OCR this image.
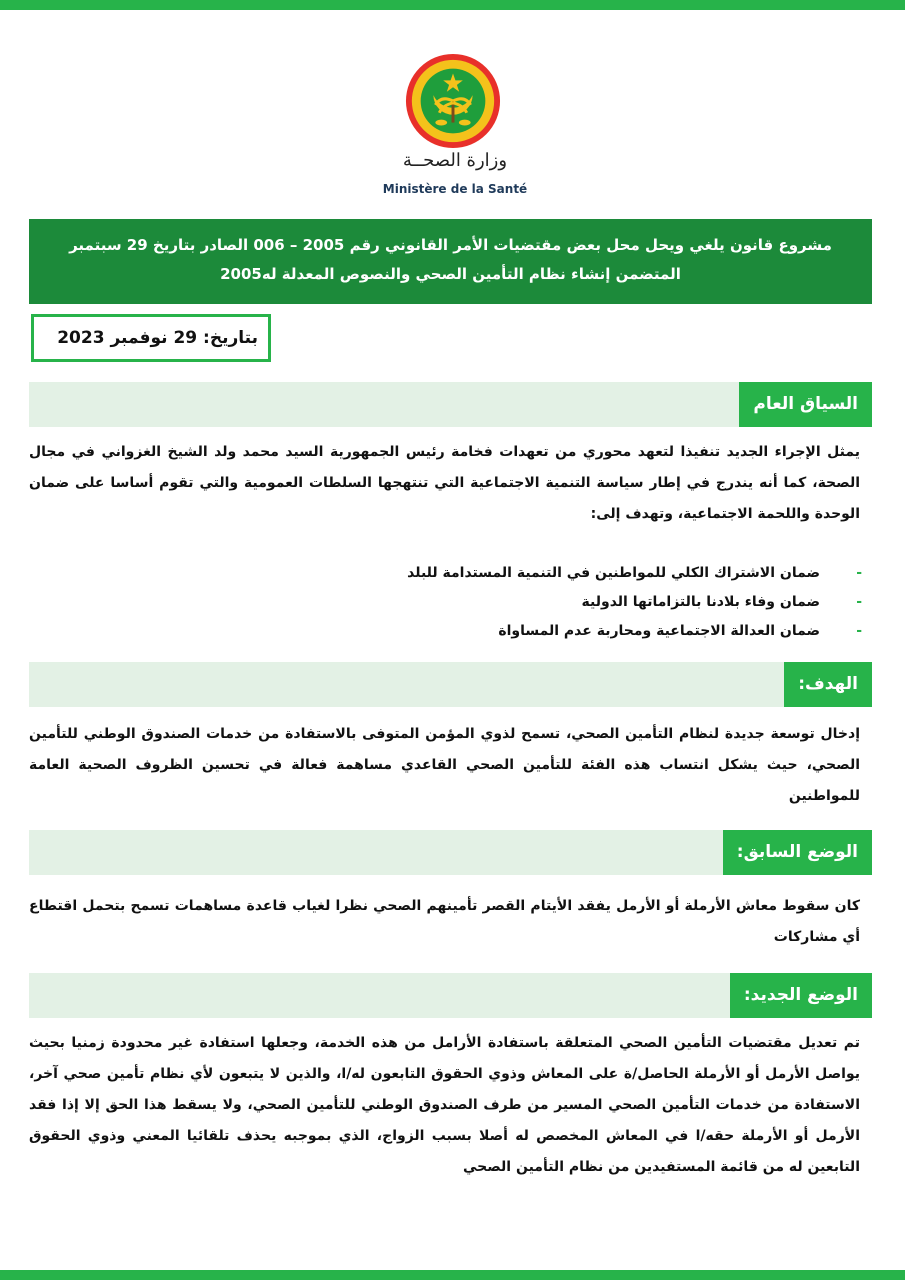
وزارة الصحــة
Ministère de la Santé
مشروع قانون يلغي ويحل محل بعض مقتضيات الأمر القانوني رقم 2005 – 006 الصادر بتاريخ 29 سبتمبر المتضمن إنشاء نظام التأمين الصحي والنصوص المعدلة له2005
بتاريخ: 29 نوفمبر 2023
السياق العام
يمثل الإجراء الجديد تنفيذا لتعهد محوري من تعهدات فخامة رئيس الجمهورية السيد محمد ولد الشيخ الغزواني في مجال الصحة، كما أنه يندرج في إطار سياسة التنمية الاجتماعية التي تنتهجها السلطات العمومية والتي تقوم أساسا على ضمان الوحدة واللحمة الاجتماعية، وتهدف إلى:
-
ضمان الاشتراك الكلي للمواطنين في التنمية المستدامة للبلد
-
ضمان وفاء بلادنا بالتزاماتها الدولية
-
ضمان العدالة الاجتماعية ومحاربة عدم المساواة
الهدف:
إدخال توسعة جديدة لنظام التأمين الصحي، تسمح لذوي المؤمن المتوفى بالاستفادة من خدمات الصندوق الوطني للتأمين الصحي، حيث يشكل انتساب هذه الفئة للتأمين الصحي القاعدي مساهمة فعالة في تحسين الظروف الصحية العامة للمواطنين
الوضع السابق:
كان سقوط معاش الأرملة أو الأرمل يفقد الأيتام القصر تأمينهم الصحي نظرا لغياب قاعدة مساهمات تسمح بتحمل اقتطاع أي مشاركات
الوضع الجديد:
تم تعديل مقتضيات التأمين الصحي المتعلقة باستفادة الأرامل من هذه الخدمة، وجعلها استفادة غير محدودة زمنيا بحيث يواصل الأرمل أو الأرملة الحاصل/ة على المعاش وذوي الحقوق التابعون له/ا، والذين لا يتبعون لأي نظام تأمين صحي آخر، الاستفادة من خدمات التأمين الصحي المسير من طرف الصندوق الوطني للتأمين الصحي، ولا يسقط هذا الحق إلا إذا فقد الأرمل أو الأرملة حقه/ا في المعاش المخصص له أصلا بسبب الزواج، الذي بموجبه يحذف تلقائيا المعني وذوي الحقوق التابعين له من قائمة المستفيدين من نظام التأمين الصحي
